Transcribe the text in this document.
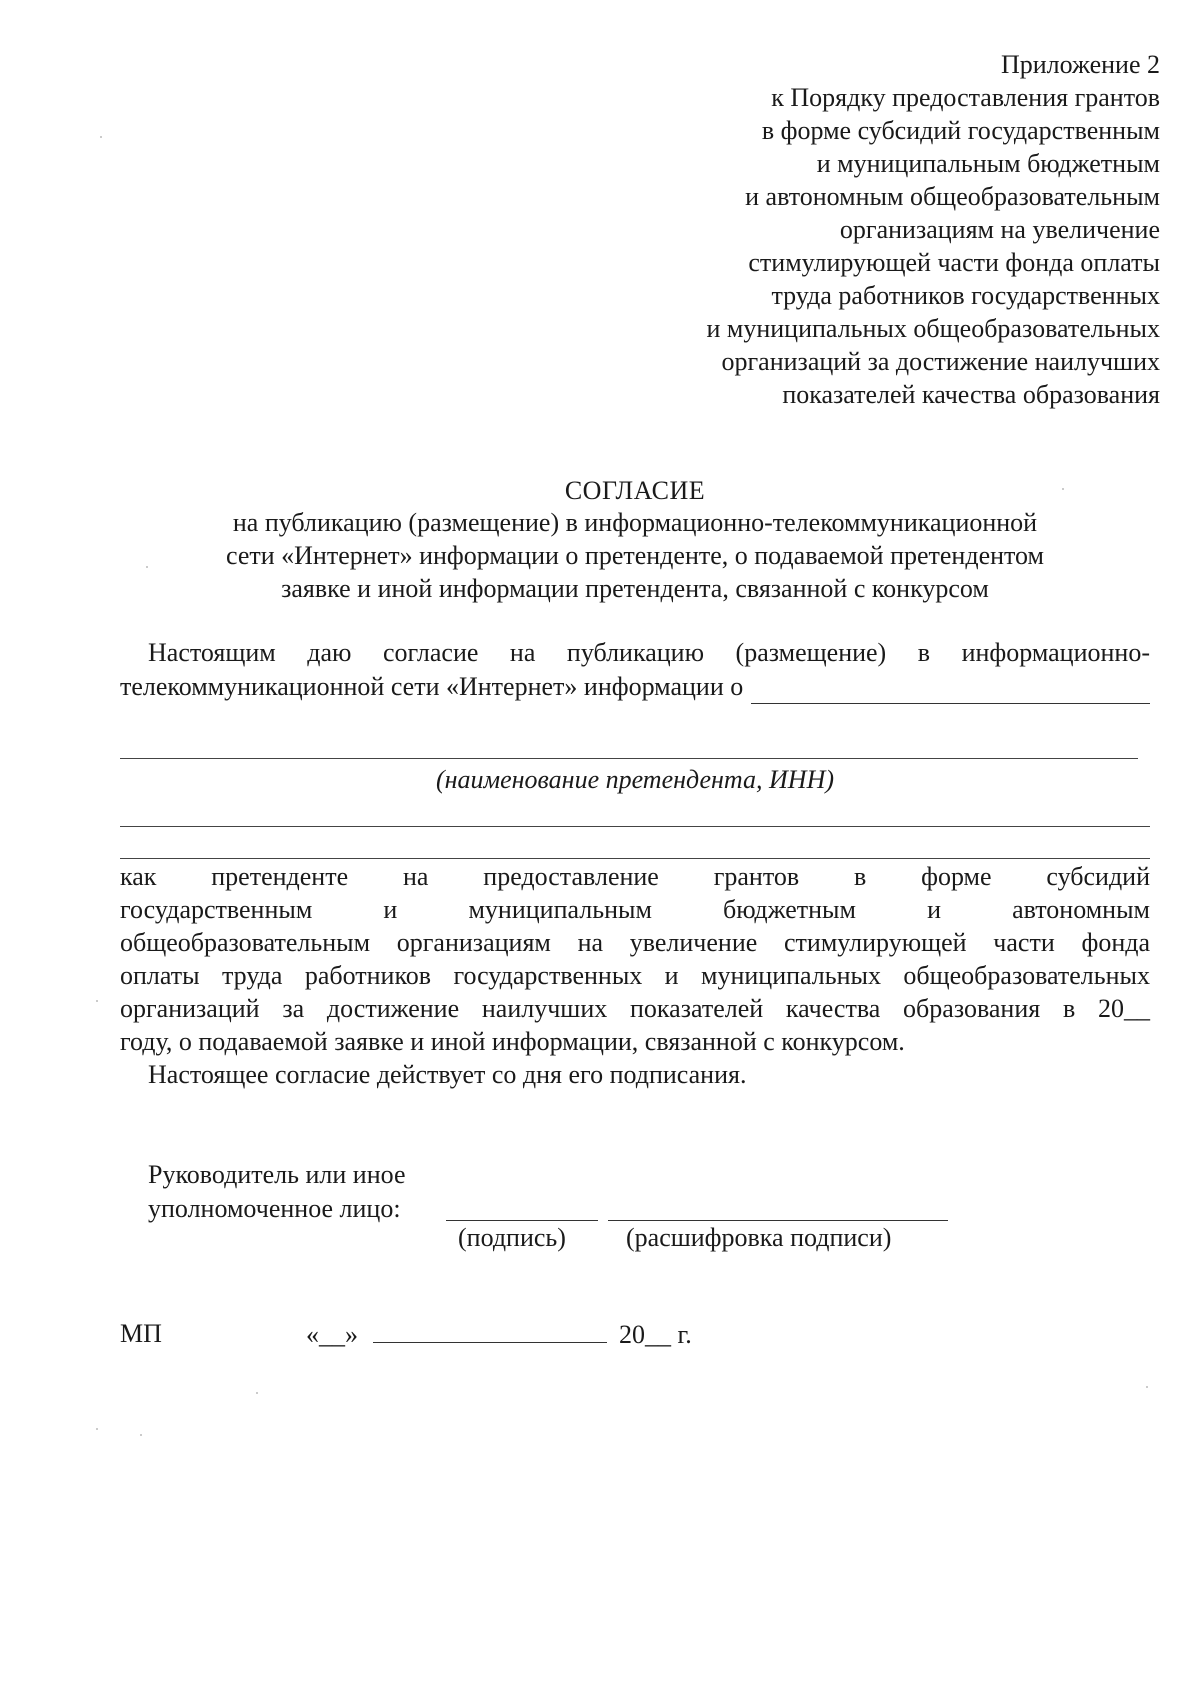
Приложение 2
к Порядку предоставления грантов
в форме субсидий государственным
и муниципальным бюджетным
и автономным общеобразовательным
организациям на увеличение
стимулирующей части фонда оплаты
труда работников государственных
и муниципальных общеобразовательных
организаций за достижение наилучших
показателей качества образования
СОГЛАСИЕ
на публикацию (размещение) в информационно-телекоммуникационной
сети «Интернет» информации о претенденте, о подаваемой претендентом
заявке и иной информации претендента, связанной с конкурсом
Настоящим даю согласие на публикацию (размещение) в информационно-
телекоммуникационной сети «Интернет» информации о
(наименование претендента, ИНН)
как претенденте на предоставление грантов в форме субсидий
государственным и муниципальным бюджетным и автономным
общеобразовательным организациям на увеличение стимулирующей части фонда
оплаты труда работников государственных и муниципальных общеобразовательных
организаций за достижение наилучших показателей качества образования в 20__
году, о подаваемой заявке и иной информации, связанной с конкурсом.
Настоящее согласие действует со дня его подписания.
Руководитель или иное
уполномоченное лицо:
(подпись) (расшифровка подписи)
МП	«__»	20__ г.
